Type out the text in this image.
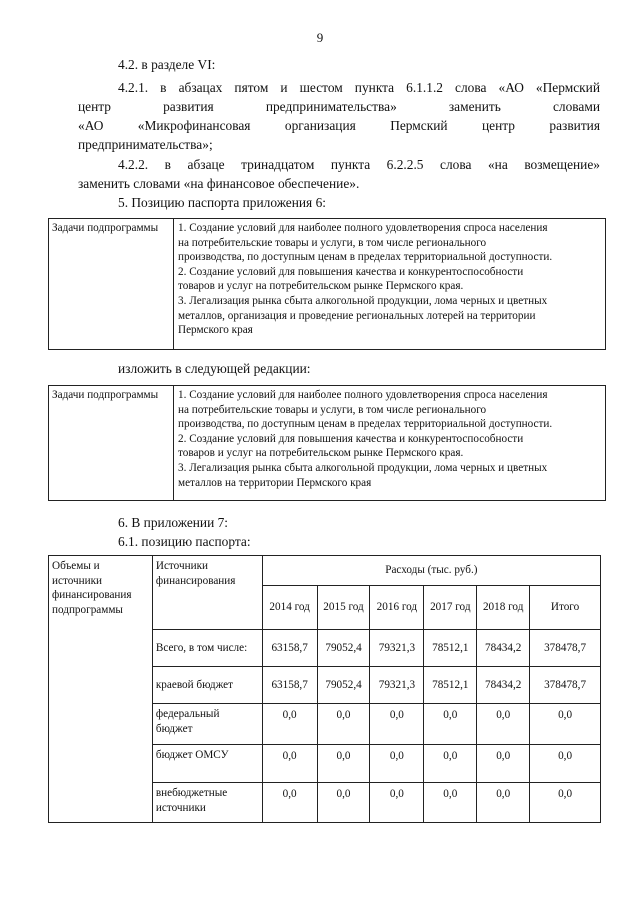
9
4.2. в разделе VI:
4.2.1. в абзацах пятом и шестом пункта 6.1.1.2 слова «АО «Пермский
центр развития предпринимательства» заменить словами
«АО «Микрофинансовая организация Пермский центр развития
предпринимательства»;
4.2.2. в абзаце тринадцатом пункта 6.2.2.5 слова «на возмещение»
заменить словами «на финансовое обеспечение».
5. Позицию паспорта приложения 6:
Задачи подпрограммы	1. Создание условий для наиболее полного удовлетворения спроса населения
на потребительские товары и услуги, в том числе регионального
производства, по доступным ценам в пределах территориальной доступности.
2. Создание условий для повышения качества и конкурентоспособности
товаров и услуг на потребительском рынке Пермского края.
3. Легализация рынка сбыта алкогольной продукции, лома черных и цветных
металлов, организация и проведение региональных лотерей на территории
Пермского края
изложить в следующей редакции:
Задачи подпрограммы	1. Создание условий для наиболее полного удовлетворения спроса населения
на потребительские товары и услуги, в том числе регионального
производства, по доступным ценам в пределах территориальной доступности.
2. Создание условий для повышения качества и конкурентоспособности
товаров и услуг на потребительском рынке Пермского края.
3. Легализация рынка сбыта алкогольной продукции, лома черных и цветных
металлов на территории Пермского края
6. В приложении 7:
6.1. позицию паспорта:
Объемы и источники финансирования подпрограммы	Источники финансирования	Расходы (тыс. руб.)					
		2014 год	2015 год	2016 год	2017 год	2018 год	Итого
	Всего, в том числе:	63158,7	79052,4	79321,3	78512,1	78434,2	378478,7
	краевой бюджет	63158,7	79052,4	79321,3	78512,1	78434,2	378478,7
	федеральный бюджет	0,0	0,0	0,0	0,0	0,0	0,0
	бюджет ОМСУ	0,0	0,0	0,0	0,0	0,0	0,0
	внебюджетные источники	0,0	0,0	0,0	0,0	0,0	0,0
